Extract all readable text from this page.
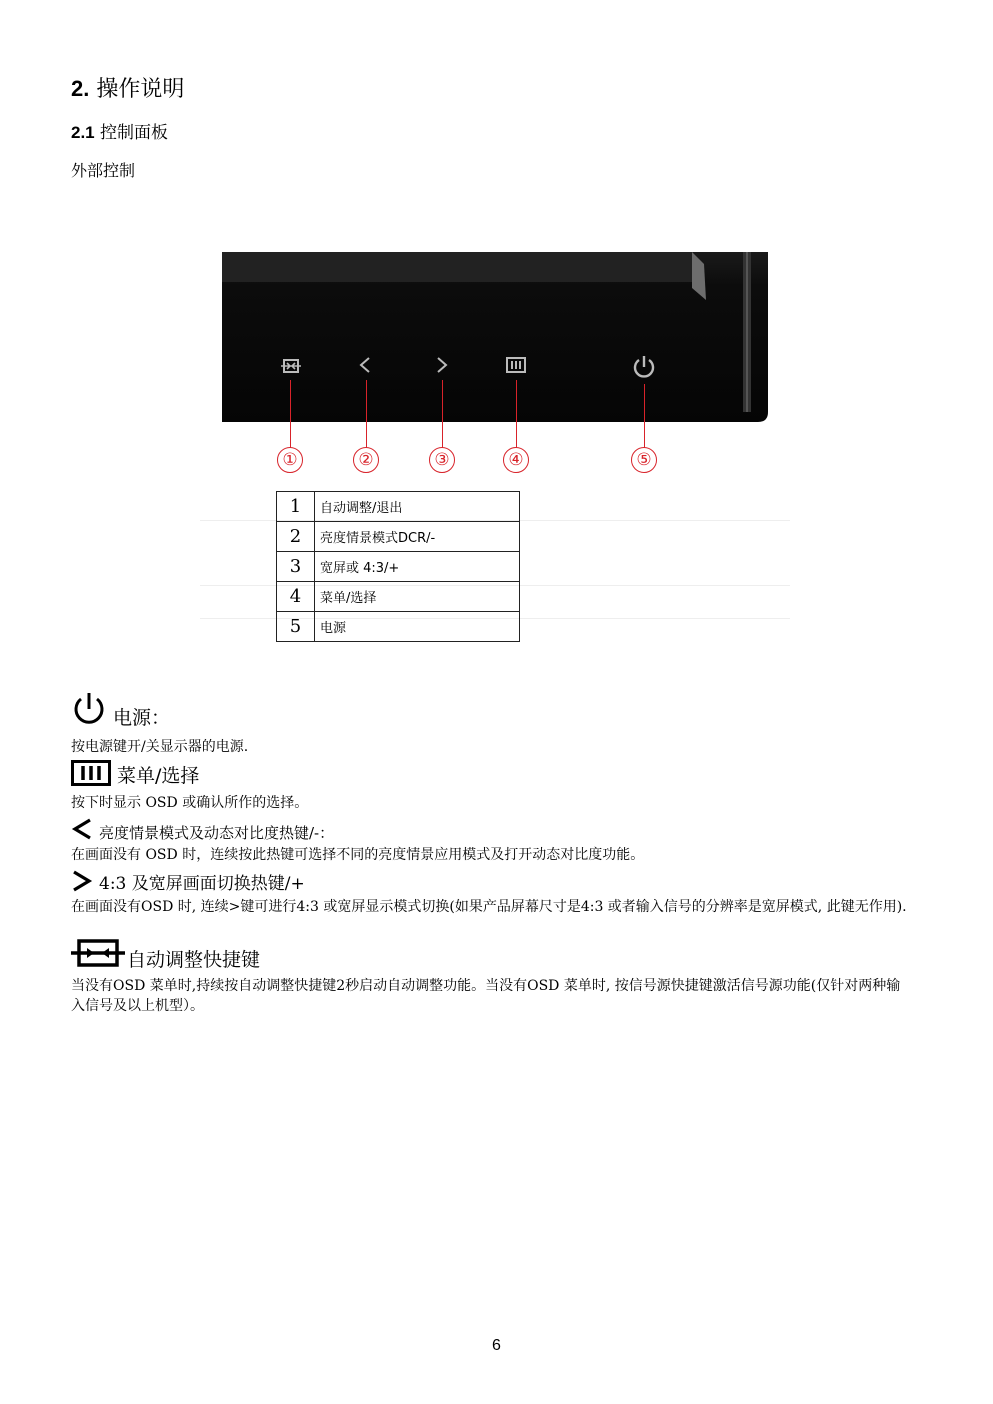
2. 操作说明
2.1 控制面板
外部控制
①	②	③	④	⑤
1	自动调整/退出
2	亮度情景模式DCR/-
3	宽屏或 4:3/+
4	菜单/选择
5	电源
电源：
按电源键开/关显示器的电源.
菜单/选择
按下时显示 OSD 或确认所作的选择。
亮度情景模式及动态对比度热键/-：
在画面没有 OSD 时，连续按此热键可选择不同的亮度情景应用模式及打开动态对比度功能。
4:3 及宽屏画面切换热键/+
在画面没有OSD 时, 连续>键可进行4:3 或宽屏显示模式切换(如果产品屏幕尺寸是4:3 或者输入信号的分辨率是宽屏模式, 此键无作用).
自动调整快捷键
当没有OSD 菜单时,持续按自动调整快捷键2秒启动自动调整功能。当没有OSD 菜单时, 按信号源快捷键激活信号源功能(仅针对两种输入信号及以上机型）。
6
